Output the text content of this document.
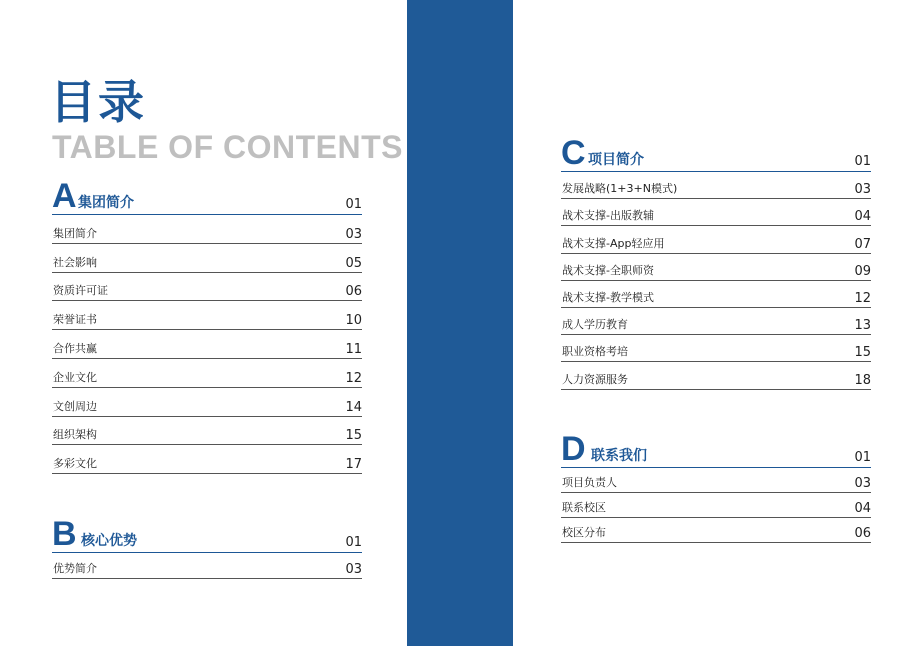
目录
TABLE OF CONTENTS
A 集团简介	01
集团简介	03
社会影响	05
资质许可证	06
荣誉证书	10
合作共赢	11
企业文化	12
文创周边	14
组织架构	15
多彩文化	17
B 核心优势	01
优势简介	03
C 项目简介	01
发展战略(1+3+N模式)	03
战术支撑-出版教辅	04
战术支撑-App轻应用	07
战术支撑-全职师资	09
战术支撑-教学模式	12
成人学历教育	13
职业资格考培	15
人力资源服务	18
D 联系我们	01
项目负责人	03
联系校区	04
校区分布	06
